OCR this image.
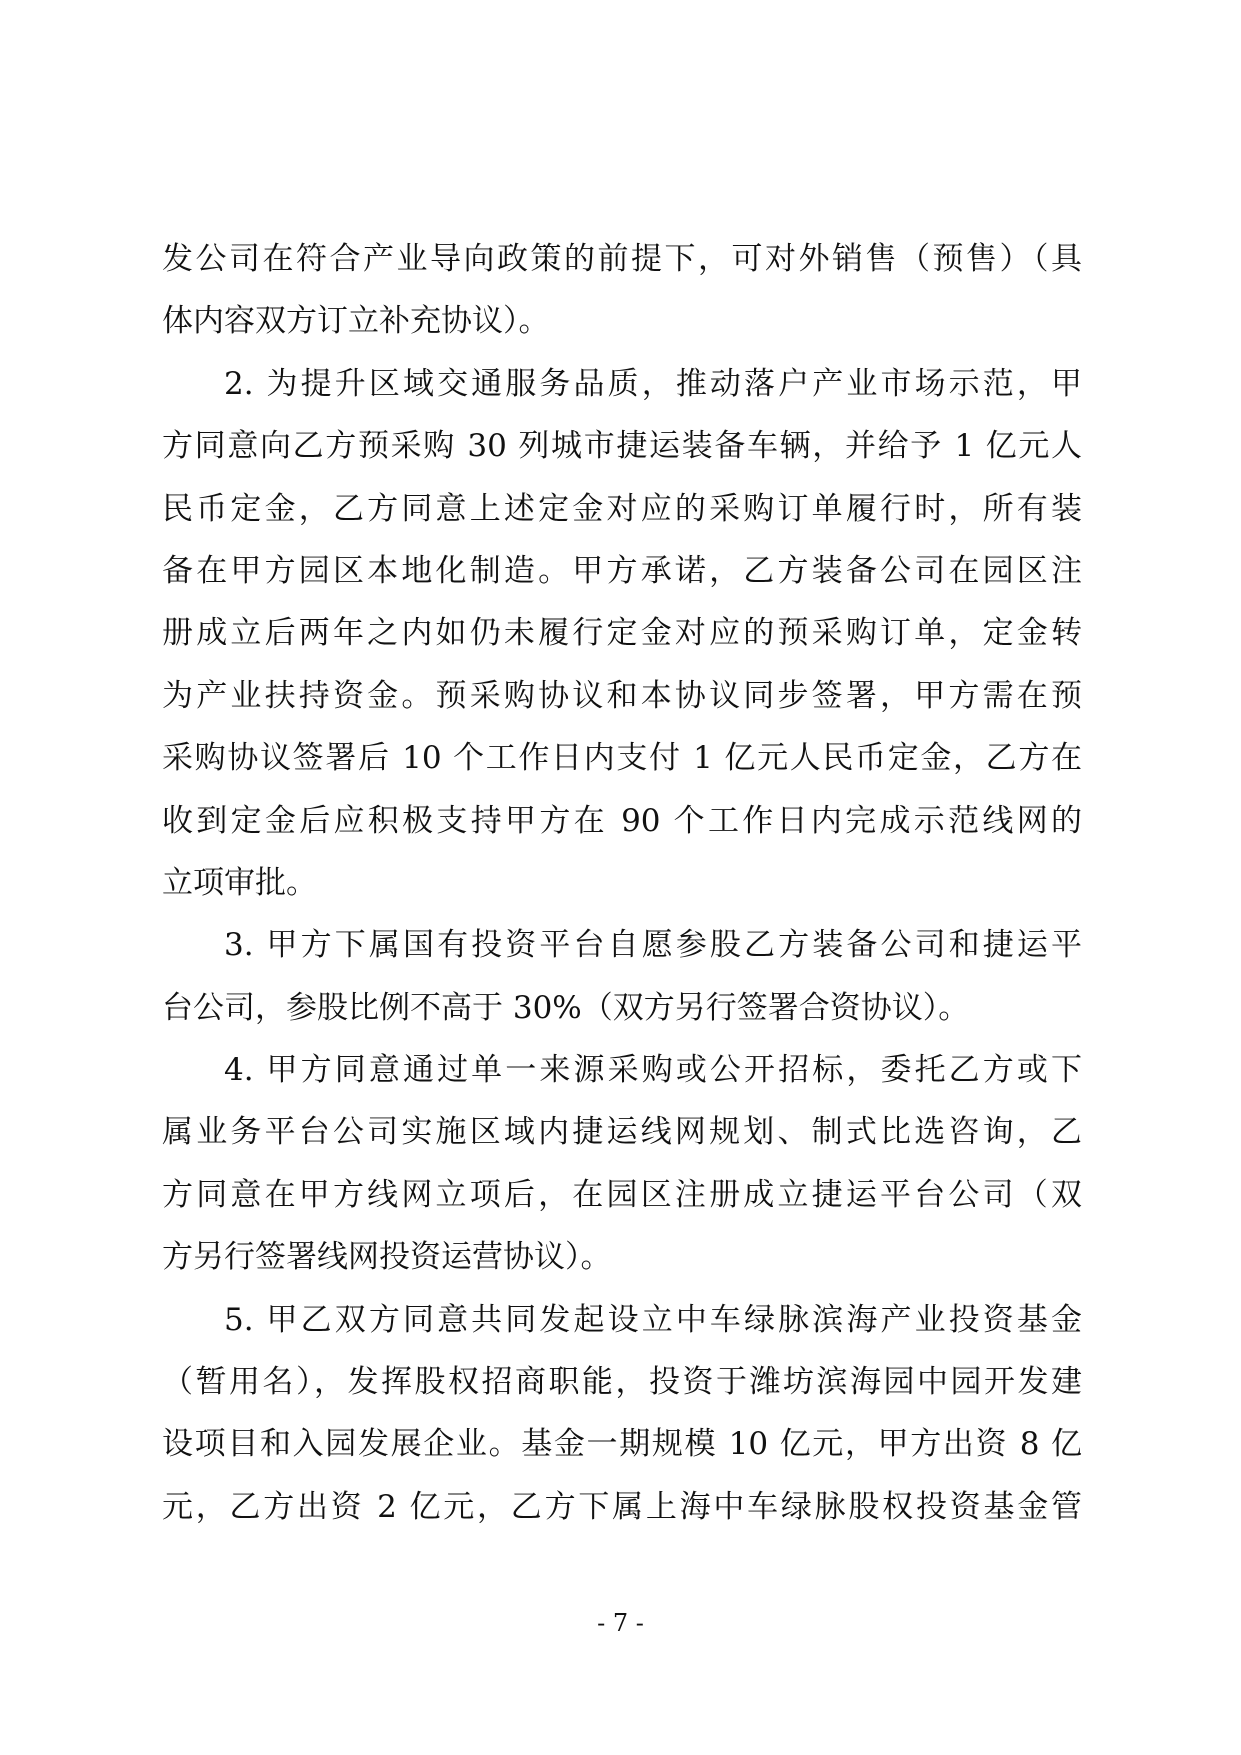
发公司在符合产业导向政策的前提下，可对外销售（预售）（具
体内容双方订立补充协议）。
2. 为提升区域交通服务品质，推动落户产业市场示范，甲
方同意向乙方预采购 30 列城市捷运装备车辆，并给予 1 亿元人
民币定金，乙方同意上述定金对应的采购订单履行时，所有装
备在甲方园区本地化制造。甲方承诺，乙方装备公司在园区注
册成立后两年之内如仍未履行定金对应的预采购订单，定金转
为产业扶持资金。预采购协议和本协议同步签署，甲方需在预
采购协议签署后 10 个工作日内支付 1 亿元人民币定金，乙方在
收到定金后应积极支持甲方在 90 个工作日内完成示范线网的
立项审批。
3. 甲方下属国有投资平台自愿参股乙方装备公司和捷运平
台公司，参股比例不高于 30%（双方另行签署合资协议）。
4. 甲方同意通过单一来源采购或公开招标，委托乙方或下
属业务平台公司实施区域内捷运线网规划、制式比选咨询，乙
方同意在甲方线网立项后，在园区注册成立捷运平台公司（双
方另行签署线网投资运营协议）。
5. 甲乙双方同意共同发起设立中车绿脉滨海产业投资基金
（暂用名），发挥股权招商职能，投资于潍坊滨海园中园开发建
设项目和入园发展企业。基金一期规模 10 亿元，甲方出资 8 亿
元，乙方出资 2 亿元，乙方下属上海中车绿脉股权投资基金管
- 7 -
